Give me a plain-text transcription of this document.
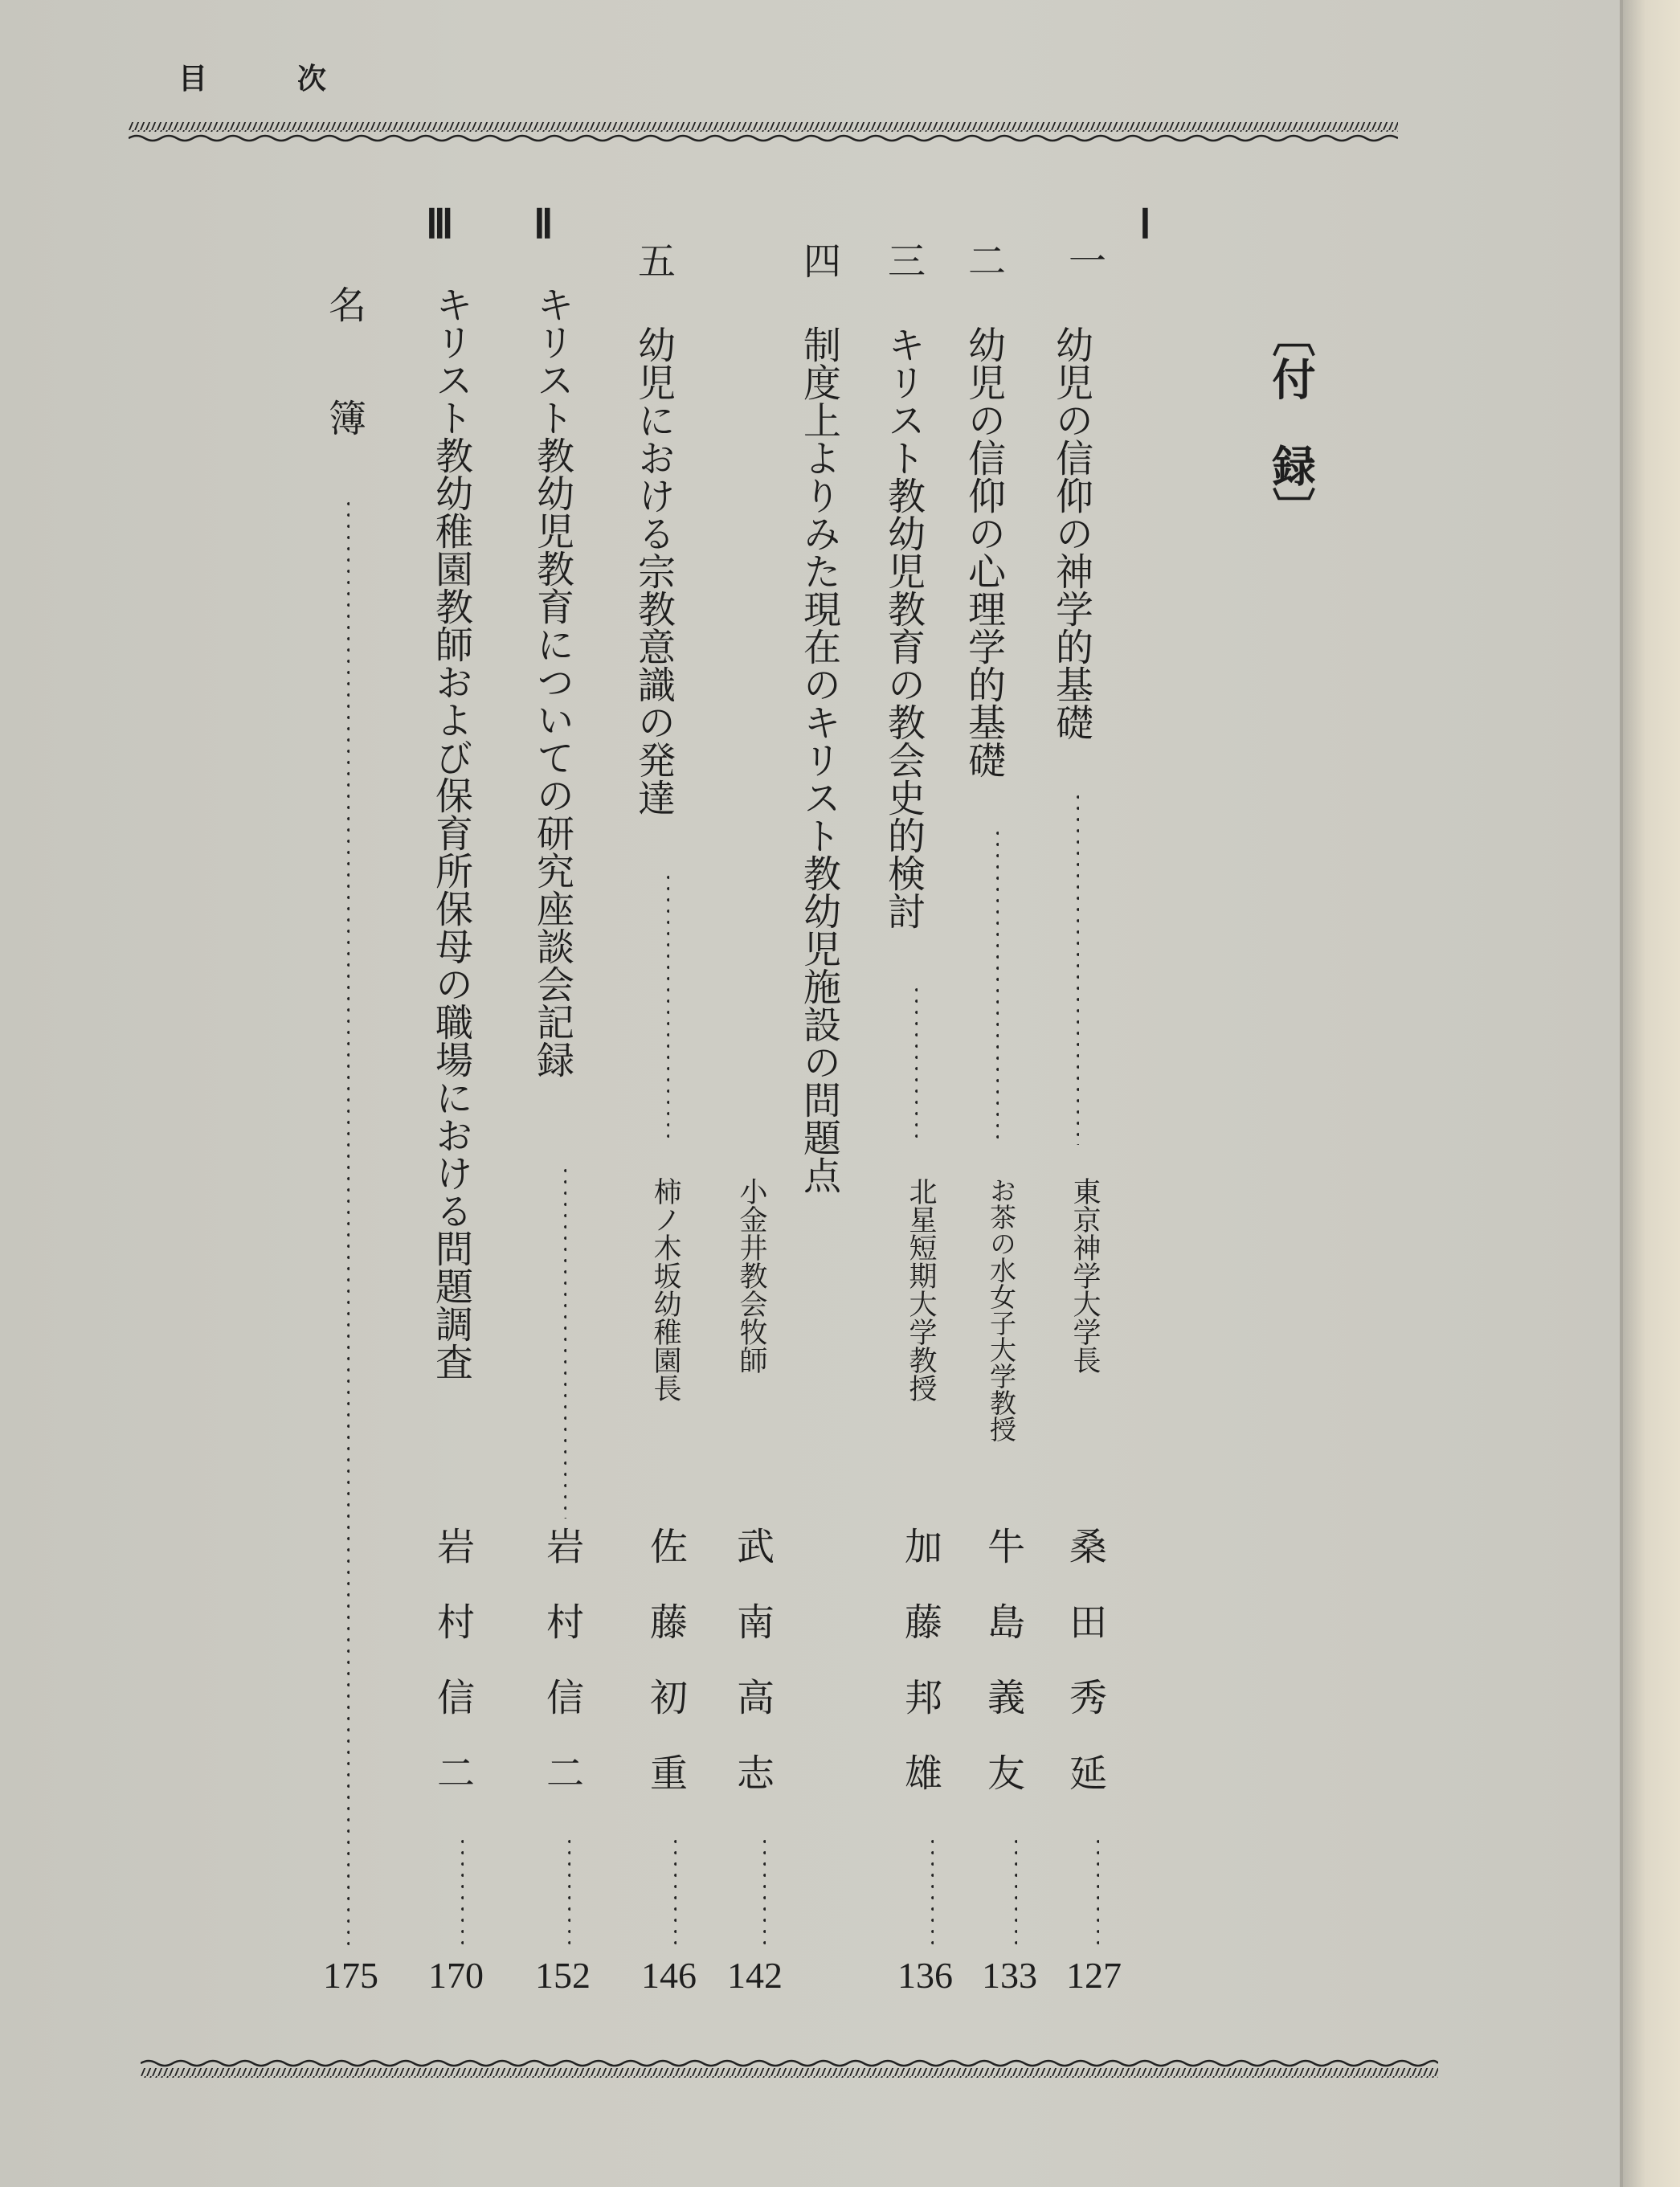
目	次
〔付　録〕
Ⅰ
Ⅱ
Ⅲ
一
幼児の信仰の神学的基礎
東京神学大学長
桑　田　秀　延
127
二
幼児の信仰の心理学的基礎
お茶の水女子大学教授
牛　島　義　友
133
三
キリスト教幼児教育の教会史的検討
北星短期大学教授
加　藤　邦　雄
136
四
制度上よりみた現在のキリスト教幼児施設の問題点
小金井教会牧師
武　南　高　志
142
五
幼児における宗教意識の発達
柿ノ木坂幼稚園長
佐　藤　初　重
146
キリスト教幼児教育についての研究座談会記録
岩　村　信　二
152
キリスト教幼稚園教師および保育所保母の職場における問題調査
岩　村　信　二
170
名　　簿
175
